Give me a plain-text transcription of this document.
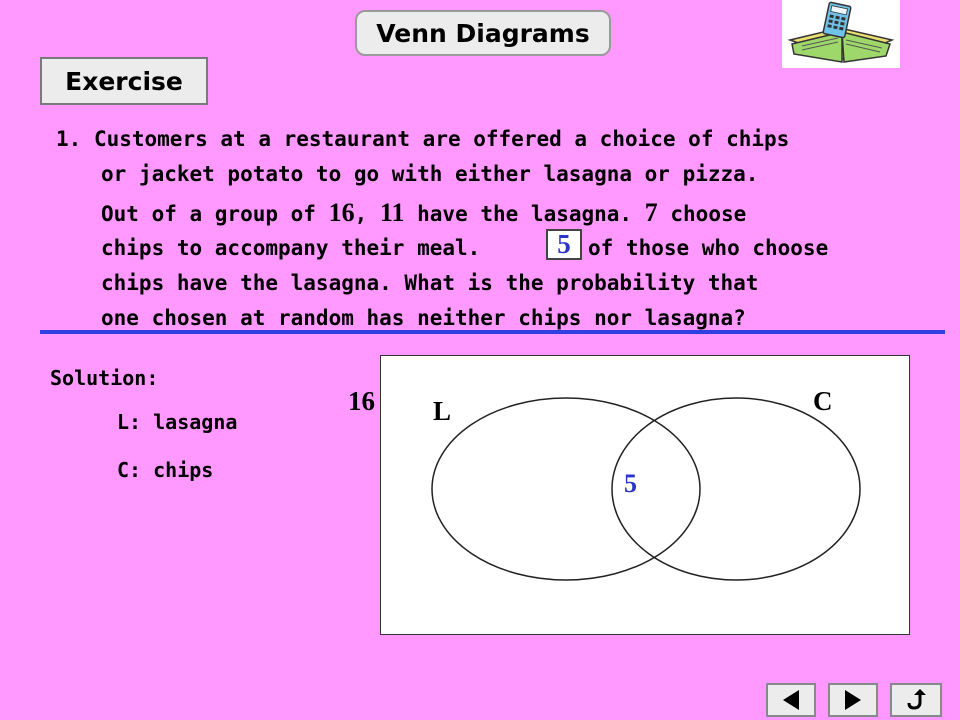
Venn Diagrams
Exercise
1. Customers at a restaurant are offered a choice of chips
or jacket potato to go with either lasagna or pizza.
Out of a group of 16, 11 have the lasagna. 7 choose
chips to accompany their meal.	5 of those who choose
chips have the lasagna. What is the probability that
one chosen at random has neither chips nor lasagna?
Solution:
L: lasagna
C: chips
16 L	C
5
